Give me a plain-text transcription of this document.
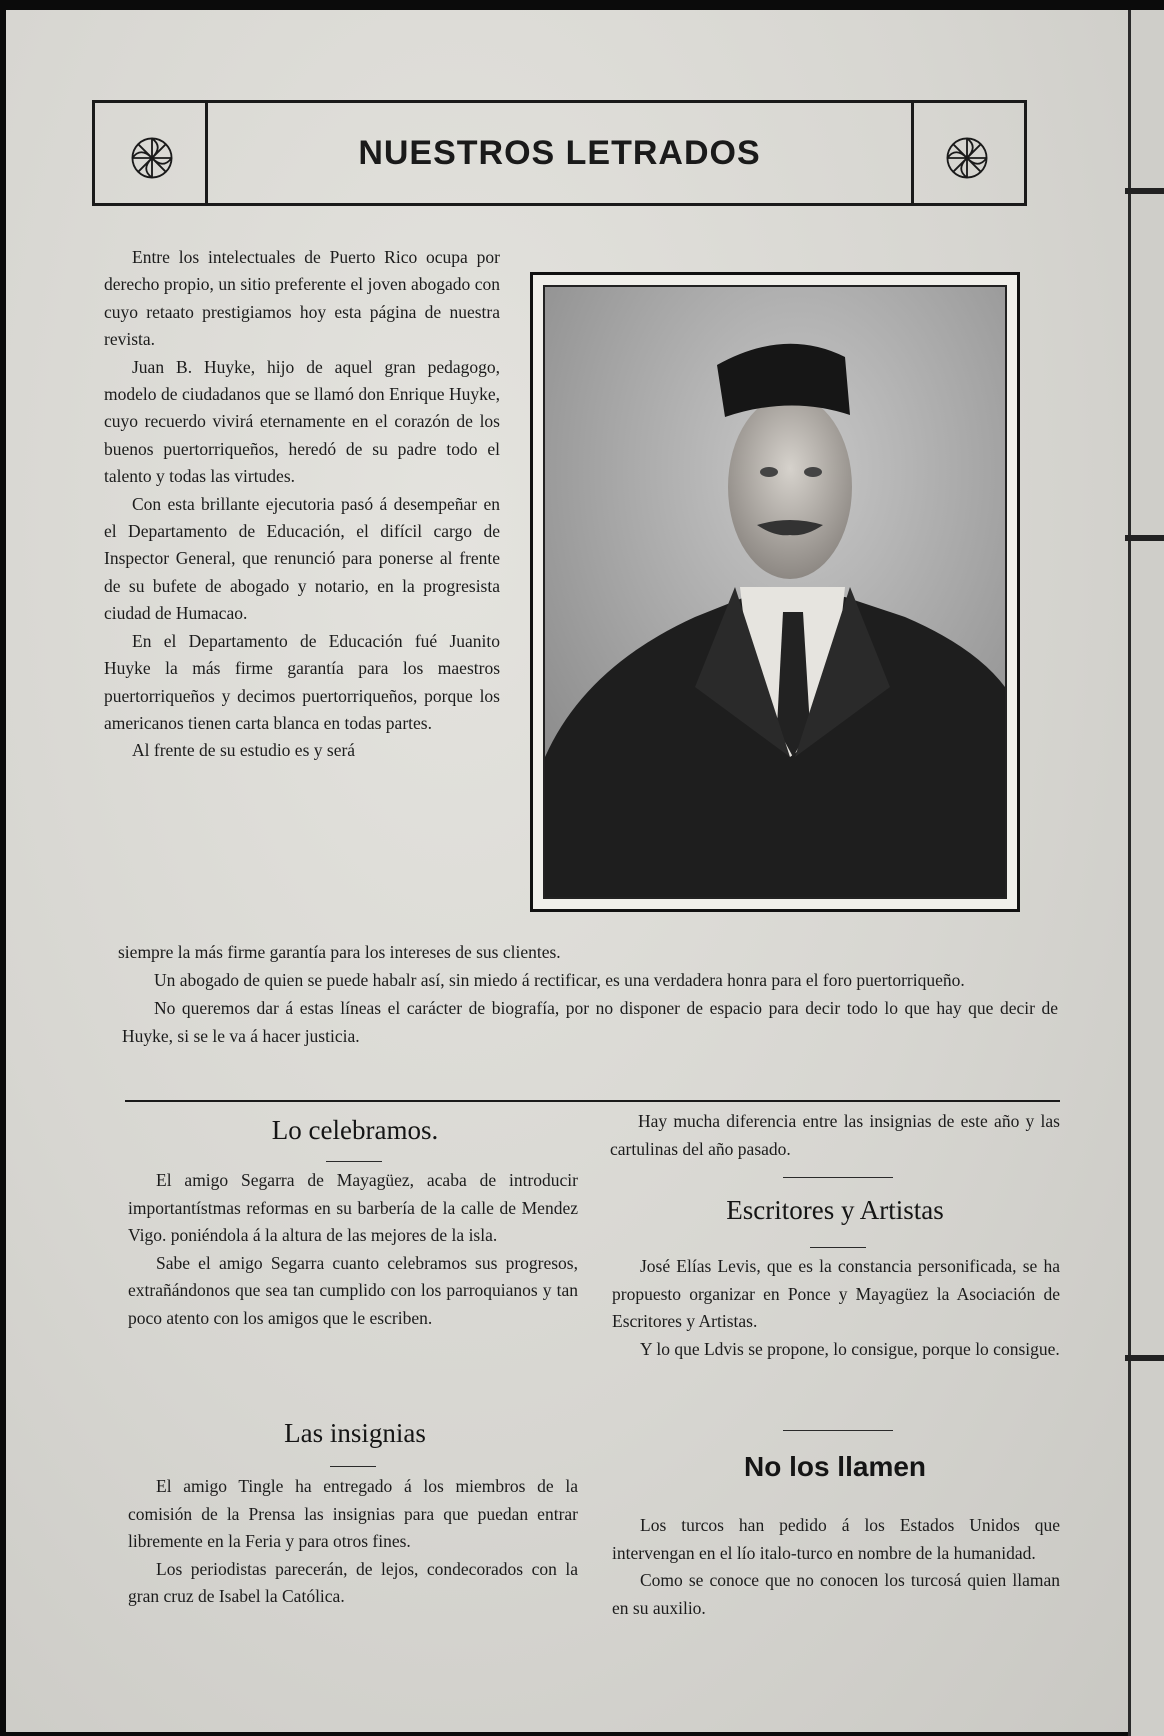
NUESTROS LETRADOS

Entre los intelectuales de Puerto Rico ocupa por derecho propio, un sitio preferente el joven abogado con cuyo retaato prestigiamos hoy esta página de nuestra revista.

Juan B. Huyke, hijo de aquel gran pedagogo, modelo de ciudadanos que se llamó don Enrique Huyke, cuyo recuerdo vivirá eternamente en el corazón de los buenos puertorriqueños, heredó de su padre todo el talento y todas las virtudes.

Con esta brillante ejecutoria pasó á desempeñar en el Departamento de Educación, el difícil cargo de Inspector General, que renunció para ponerse al frente de su bufete de abogado y notario, en la progresista ciudad de Humacao.

En el Departamento de Educación fué Juanito Huyke la más firme garantía para los maestros puertorriqueños y decimos puertorriqueños, porque los americanos tienen carta blanca en todas partes.

Al frente de su estudio es y será

siempre la más firme garantía para los intereses de sus clientes.

Un abogado de quien se puede habalr así, sin miedo á rectificar, es una verdadera honra para el foro puertorriqueño.

No queremos dar á estas líneas el carácter de biografía, por no disponer de espacio para decir todo lo que hay que decir de Huyke, si se le va á hacer justicia.

Lo celebramos.

El amigo Segarra de Mayagüez, acaba de introducir importantístmas reformas en su barbería de la calle de Mendez Vigo. poniéndola á la altura de las mejores de la isla.

Sabe el amigo Segarra cuanto celebramos sus progresos, extrañándonos que sea tan cumplido con los parroquianos y tan poco atento con los amigos que le escriben.

Las insignias

El amigo Tingle ha entregado á los miembros de la comisión de la Prensa las insignias para que puedan entrar libremente en la Feria y para otros fines.

Los periodistas parecerán, de lejos, condecorados con la gran cruz de Isabel la Católica.

Hay mucha diferencia entre las insignias de este año y las cartulinas del año pasado.

Escritores y Artistas

José Elías Levis, que es la constancia personificada, se ha propuesto organizar en Ponce y Mayagüez la Asociación de Escritores y Artistas.

Y lo que Ldvis se propone, lo consigue, porque lo consigue.

No los llamen

Los turcos han pedido á los Estados Unidos que intervengan en el lío italo-turco en nombre de la humanidad.

Como se conoce que no conocen los turcosá quien llaman en su auxilio.
